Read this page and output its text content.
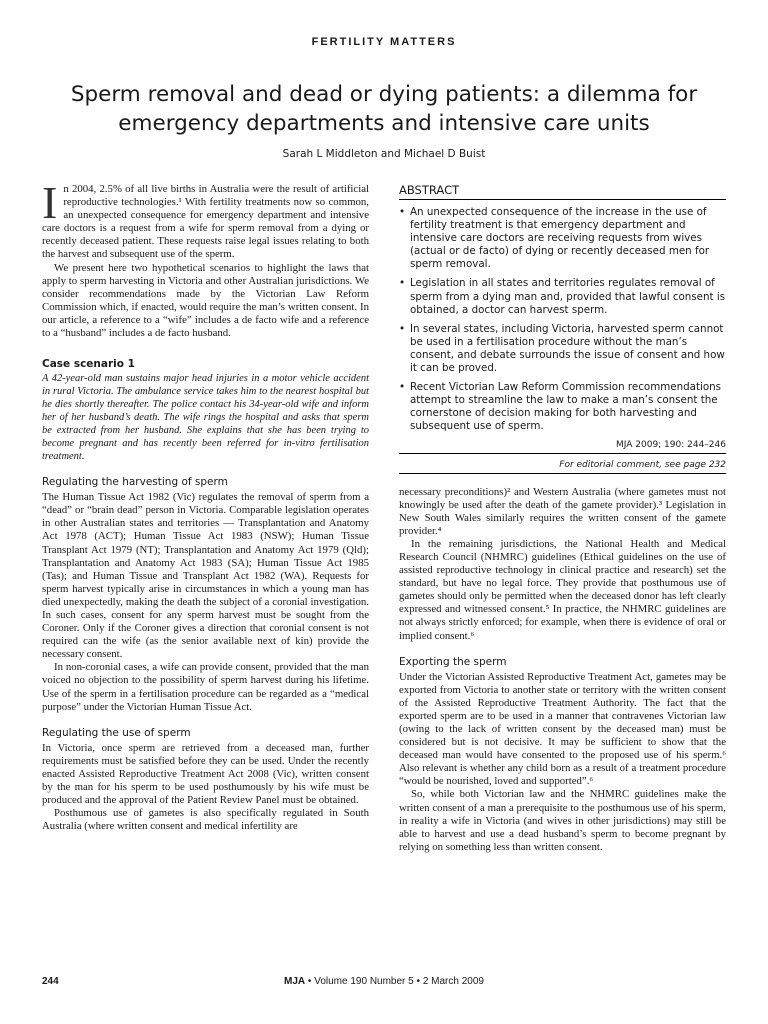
FERTILITY MATTERS
Sperm removal and dead or dying patients: a dilemma for emergency departments and intensive care units
Sarah L Middleton and Michael D Buist
I n 2004, 2.5% of all live births in Australia were the result of artificial reproductive technologies.¹ With fertility treatments now so common, an unexpected consequence for emergency department and intensive care doctors is a request from a wife for sperm removal from a dying or recently deceased patient. These requests raise legal issues relating to both the harvest and subsequent use of the sperm.

We present here two hypothetical scenarios to highlight the laws that apply to sperm harvesting in Victoria and other Australian jurisdictions. We consider recommendations made by the Victorian Law Reform Commission which, if enacted, would require the man’s written consent. In our article, a reference to a “wife” includes a de facto wife and a reference to a “husband” includes a de facto husband.

Case scenario 1

A 42-year-old man sustains major head injuries in a motor vehicle accident in rural Victoria. The ambulance service takes him to the nearest hospital but he dies shortly thereafter. The police contact his 34-year-old wife and inform her of her husband’s death. The wife rings the hospital and asks that sperm be extracted from her husband. She explains that she has been trying to become pregnant and has recently been referred for in-vitro fertilisation treatment.

Regulating the harvesting of sperm

The Human Tissue Act 1982 (Vic) regulates the removal of sperm from a “dead” or “brain dead” person in Victoria. Comparable legislation operates in other Australian states and territories — Transplantation and Anatomy Act 1978 (ACT); Human Tissue Act 1983 (NSW); Human Tissue Transplant Act 1979 (NT); Transplantation and Anatomy Act 1979 (Qld); Transplantation and Anatomy Act 1983 (SA); Human Tissue Act 1985 (Tas); and Human Tissue and Transplant Act 1982 (WA). Requests for sperm harvest typically arise in circumstances in which a young man has died unexpectedly, making the death the subject of a coronial investigation. In such cases, consent for any sperm harvest must be sought from the Coroner. Only if the Coroner gives a direction that coronial consent is not required can the wife (as the senior available next of kin) provide the necessary consent.

In non-coronial cases, a wife can provide consent, provided that the man voiced no objection to the possibility of sperm harvest during his lifetime. Use of the sperm in a fertilisation procedure can be regarded as a “medical purpose” under the Victorian Human Tissue Act.

Regulating the use of sperm

In Victoria, once sperm are retrieved from a deceased man, further requirements must be satisfied before they can be used. Under the recently enacted Assisted Reproductive Treatment Act 2008 (Vic), written consent by the man for his sperm to be used posthumously by his wife must be produced and the approval of the Patient Review Panel must be obtained.

Posthumous use of gametes is also specifically regulated in South Australia (where written consent and medical infertility are

ABSTRACT

• An unexpected consequence of the increase in the use of fertility treatment is that emergency department and intensive care doctors are receiving requests from wives (actual or de facto) of dying or recently deceased men for sperm removal.
• Legislation in all states and territories regulates removal of sperm from a dying man and, provided that lawful consent is obtained, a doctor can harvest sperm.
• In several states, including Victoria, harvested sperm cannot be used in a fertilisation procedure without the man’s consent, and debate surrounds the issue of consent and how it can be proved.
• Recent Victorian Law Reform Commission recommendations attempt to streamline the law to make a man’s consent the cornerstone of decision making for both harvesting and subsequent use of sperm.

MJA 2009; 190: 244–246

For editorial comment, see page 232

necessary preconditions)² and Western Australia (where gametes must not knowingly be used after the death of the gamete provider).³ Legislation in New South Wales similarly requires the written consent of the gamete provider.⁴

In the remaining jurisdictions, the National Health and Medical Research Council (NHMRC) guidelines (Ethical guidelines on the use of assisted reproductive technology in clinical practice and research) set the standard, but have no legal force. They provide that posthumous use of gametes should only be permitted when the deceased donor has left clearly expressed and witnessed consent.⁵ In practice, the NHMRC guidelines are not always strictly enforced; for example, when there is evidence of oral or implied consent.⁶

Exporting the sperm

Under the Victorian Assisted Reproductive Treatment Act, gametes may be exported from Victoria to another state or territory with the written consent of the Assisted Reproductive Treatment Authority. The fact that the exported sperm are to be used in a manner that contravenes Victorian law (owing to the lack of written consent by the deceased man) must be considered but is not decisive. It may be sufficient to show that the deceased man would have consented to the proposed use of his sperm.⁶ Also relevant is whether any child born as a result of a treatment procedure “would be nourished, loved and supported”.⁶

So, while both Victorian law and the NHMRC guidelines make the written consent of a man a prerequisite to the posthumous use of his sperm, in reality a wife in Victoria (and wives in other jurisdictions) may still be able to harvest and use a dead husband’s sperm to become pregnant by relying on something less than written consent.

244	MJA • Volume 190 Number 5 • 2 March 2009
